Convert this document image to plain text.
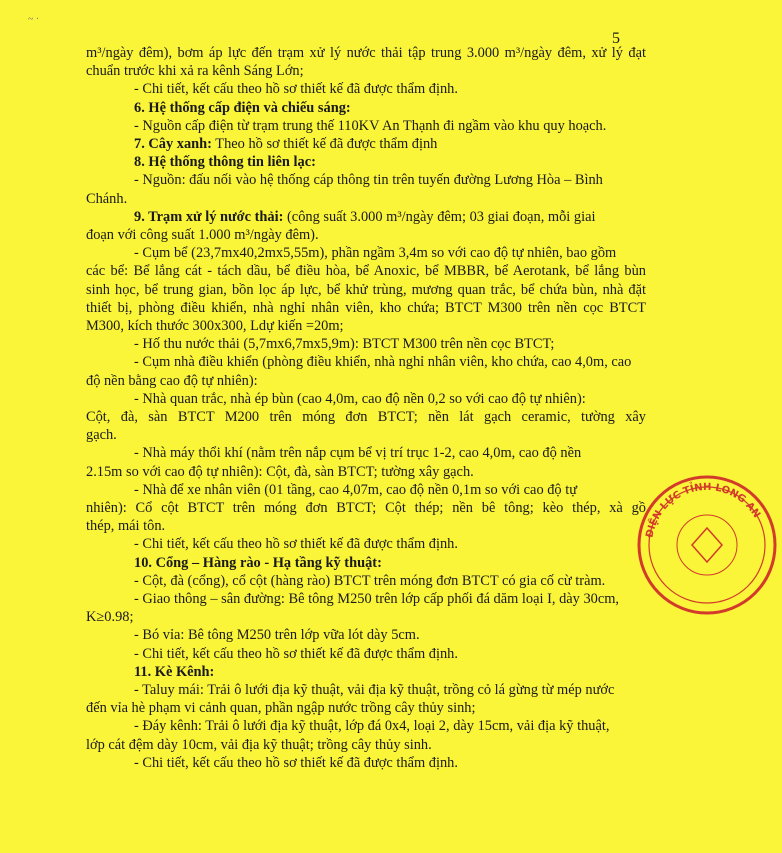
~ ·
5
m³/ngày đêm), bơm áp lực đến trạm xử lý nước thải tập trung 3.000 m³/ngày đêm, xử lý đạt
chuẩn trước khi xả ra kênh Sáng Lớn;
- Chi tiết, kết cấu theo hồ sơ thiết kế đã được thẩm định.
6. Hệ thống cấp điện và chiếu sáng:
- Nguồn cấp điện từ trạm trung thế 110KV An Thạnh đi ngầm vào khu quy hoạch.
7. Cây xanh: Theo hồ sơ thiết kế đã được thẩm định
8. Hệ thống thông tin liên lạc:
- Nguồn: đấu nối vào hệ thống cáp thông tin trên tuyến đường Lương Hòa – Bình
Chánh.
9. Trạm xử lý nước thải: (công suất 3.000 m³/ngày đêm; 03 giai đoạn, mỗi giai
đoạn với công suất 1.000 m³/ngày đêm).
- Cụm bể (23,7mx40,2mx5,55m), phần ngầm 3,4m so với cao độ tự nhiên, bao gồm
các bể: Bể lắng cát - tách dầu, bể điều hòa, bể Anoxic, bể MBBR, bể Aerotank, bể lắng bùn
sinh học, bể trung gian, bồn lọc áp lực, bể khử trùng, mương quan trắc, bể chứa bùn, nhà đặt
thiết bị, phòng điều khiển, nhà nghỉ nhân viên, kho chứa; BTCT M300 trên nền cọc BTCT
M300, kích thước 300x300, Ldự kiến =20m;
- Hố thu nước thải (5,7mx6,7mx5,9m): BTCT M300 trên nền cọc BTCT;
- Cụm nhà điều khiển (phòng điều khiển, nhà nghỉ nhân viên, kho chứa, cao 4,0m, cao
độ nền bằng cao độ tự nhiên):
- Nhà quan trắc, nhà ép bùn (cao 4,0m, cao độ nền 0,2 so với cao độ tự nhiên):
Cột, đà, sàn BTCT M200 trên móng đơn BTCT; nền lát gạch ceramic, tường xây
gạch.
- Nhà máy thổi khí (nằm trên nắp cụm bể vị trí trục 1-2, cao 4,0m, cao độ nền
2.15m so với cao độ tự nhiên): Cột, đà, sàn BTCT; tường xây gạch.
- Nhà để xe nhân viên (01 tầng, cao 4,07m, cao độ nền 0,1m so với cao độ tự
nhiên): Cổ cột BTCT trên móng đơn BTCT; Cột thép; nền bê tông; kèo thép, xà gồ
thép, mái tôn.
- Chi tiết, kết cấu theo hồ sơ thiết kế đã được thẩm định.
10. Cổng – Hàng rào - Hạ tầng kỹ thuật:
- Cột, đà (cổng), cổ cột (hàng rào) BTCT trên móng đơn BTCT có gia cố cừ tràm.
- Giao thông – sân đường: Bê tông M250 trên lớp cấp phối đá dăm loại I, dày 30cm,
K≥0.98;
- Bó vỉa: Bê tông M250 trên lớp vữa lót dày 5cm.
- Chi tiết, kết cấu theo hồ sơ thiết kế đã được thẩm định.
11. Kè Kênh:
- Taluy mái: Trải ô lưới địa kỹ thuật, vải địa kỹ thuật, trồng cỏ lá gừng từ mép nước
đến vỉa hè phạm vi cảnh quan, phần ngập nước trồng cây thủy sinh;
- Đáy kênh: Trải ô lưới địa kỹ thuật, lớp đá 0x4, loại 2, dày 15cm, vải địa kỹ thuật,
lớp cát đệm dày 10cm, vải địa kỹ thuật; trồng cây thủy sinh.
- Chi tiết, kết cấu theo hồ sơ thiết kế đã được thẩm định.
ĐIỆN LỰC TỈNH LONG AN
